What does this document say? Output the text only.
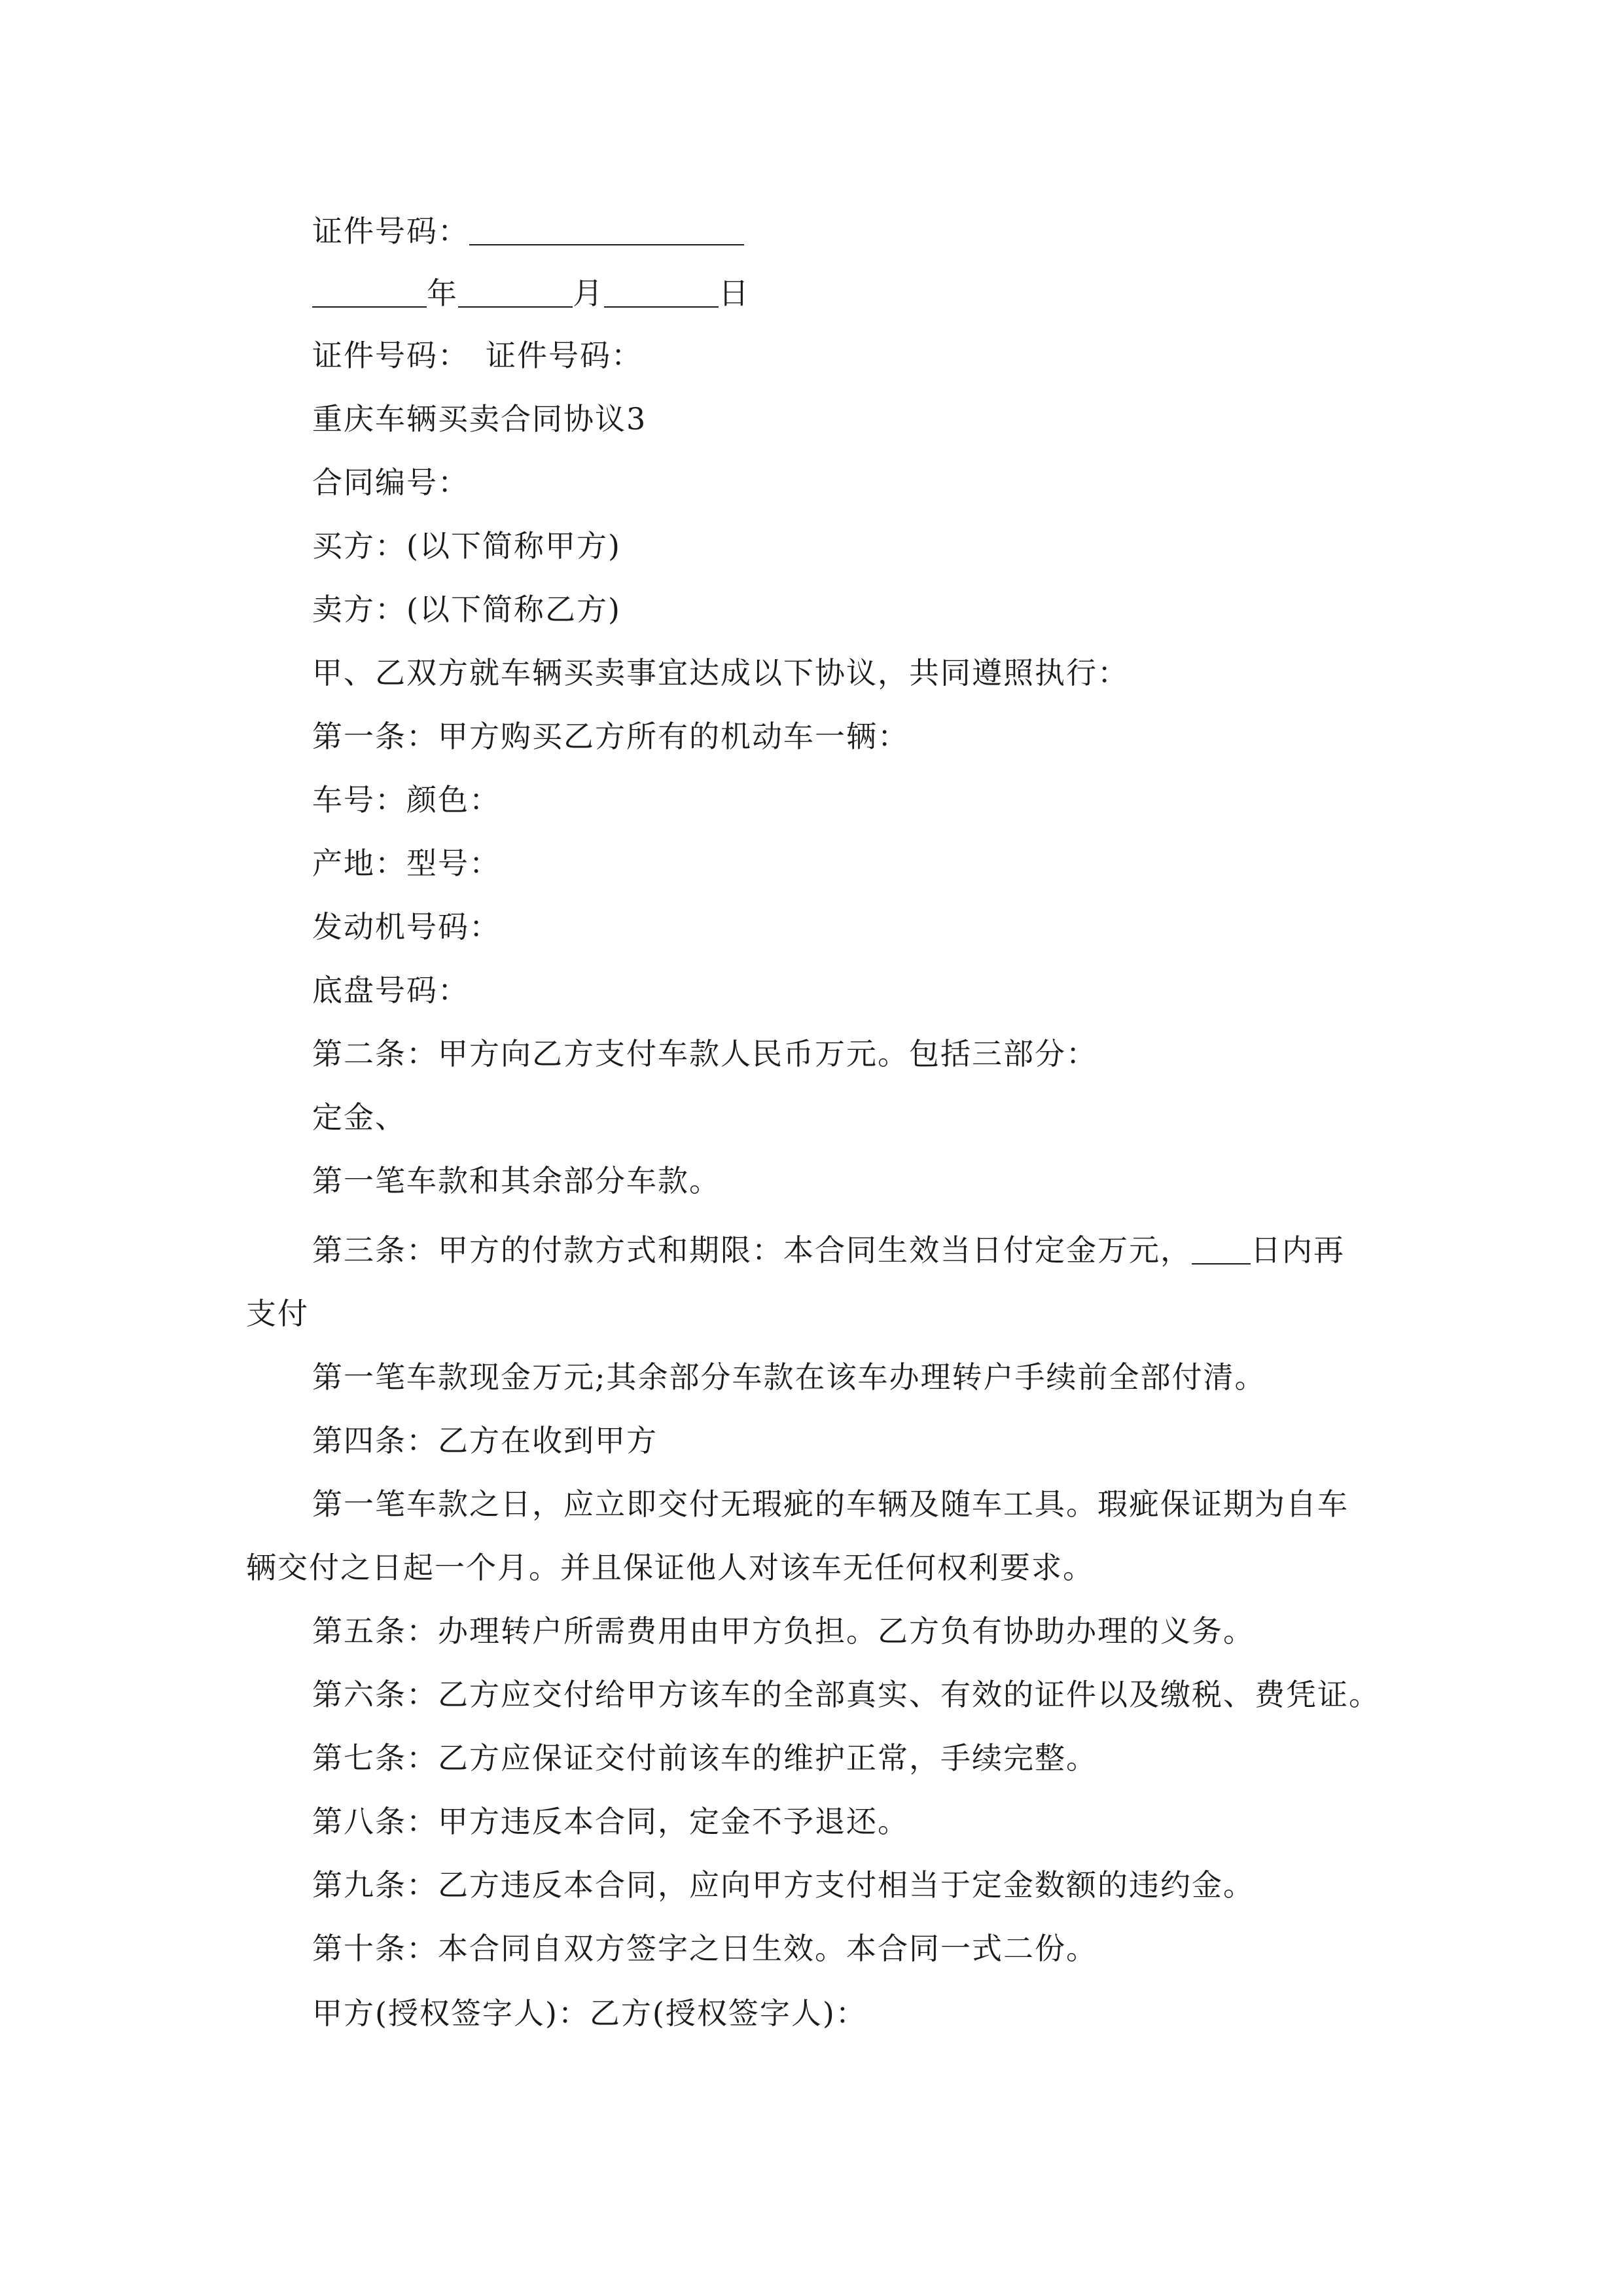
证件号码：
年	月	日
证件号码：　证件号码：
重庆车辆买卖合同协议3
合同编号：
买方：(以下简称甲方)
卖方：(以下简称乙方)
甲、乙双方就车辆买卖事宜达成以下协议，共同遵照执行：
第一条：甲方购买乙方所有的机动车一辆：
车号：颜色：
产地：型号：
发动机号码：
底盘号码：
第二条：甲方向乙方支付车款人民币万元。包括三部分：
定金、
第一笔车款和其余部分车款。
第三条：甲方的付款方式和期限：本合同生效当日付定金万元， 日内再
支付
第一笔车款现金万元;其余部分车款在该车办理转户手续前全部付清。
第四条：乙方在收到甲方
第一笔车款之日，应立即交付无瑕疵的车辆及随车工具。瑕疵保证期为自车
辆交付之日起一个月。并且保证他人对该车无任何权利要求。
第五条：办理转户所需费用由甲方负担。乙方负有协助办理的义务。
第六条：乙方应交付给甲方该车的全部真实、有效的证件以及缴税、费凭证。
第七条：乙方应保证交付前该车的维护正常，手续完整。
第八条：甲方违反本合同，定金不予退还。
第九条：乙方违反本合同，应向甲方支付相当于定金数额的违约金。
第十条：本合同自双方签字之日生效。本合同一式二份。
甲方(授权签字人)：乙方(授权签字人)：
